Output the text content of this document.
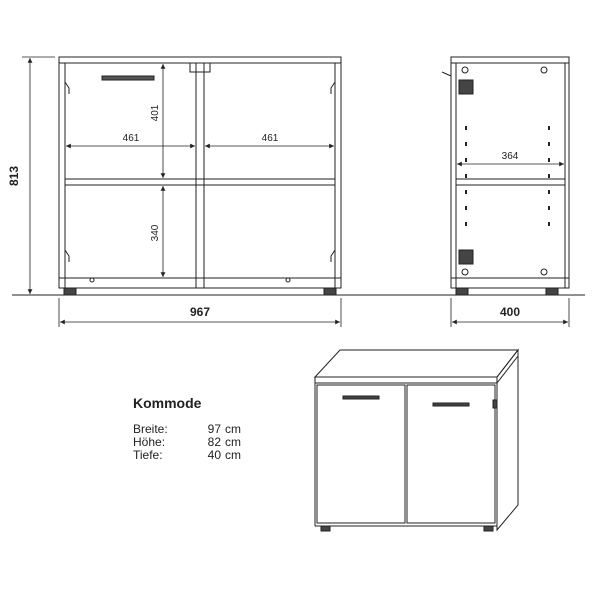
813
967
461	461
401
340
400
364
Kommode
Breite:	97	cm
Höhe:	82	cm
Tiefe:	40	cm
